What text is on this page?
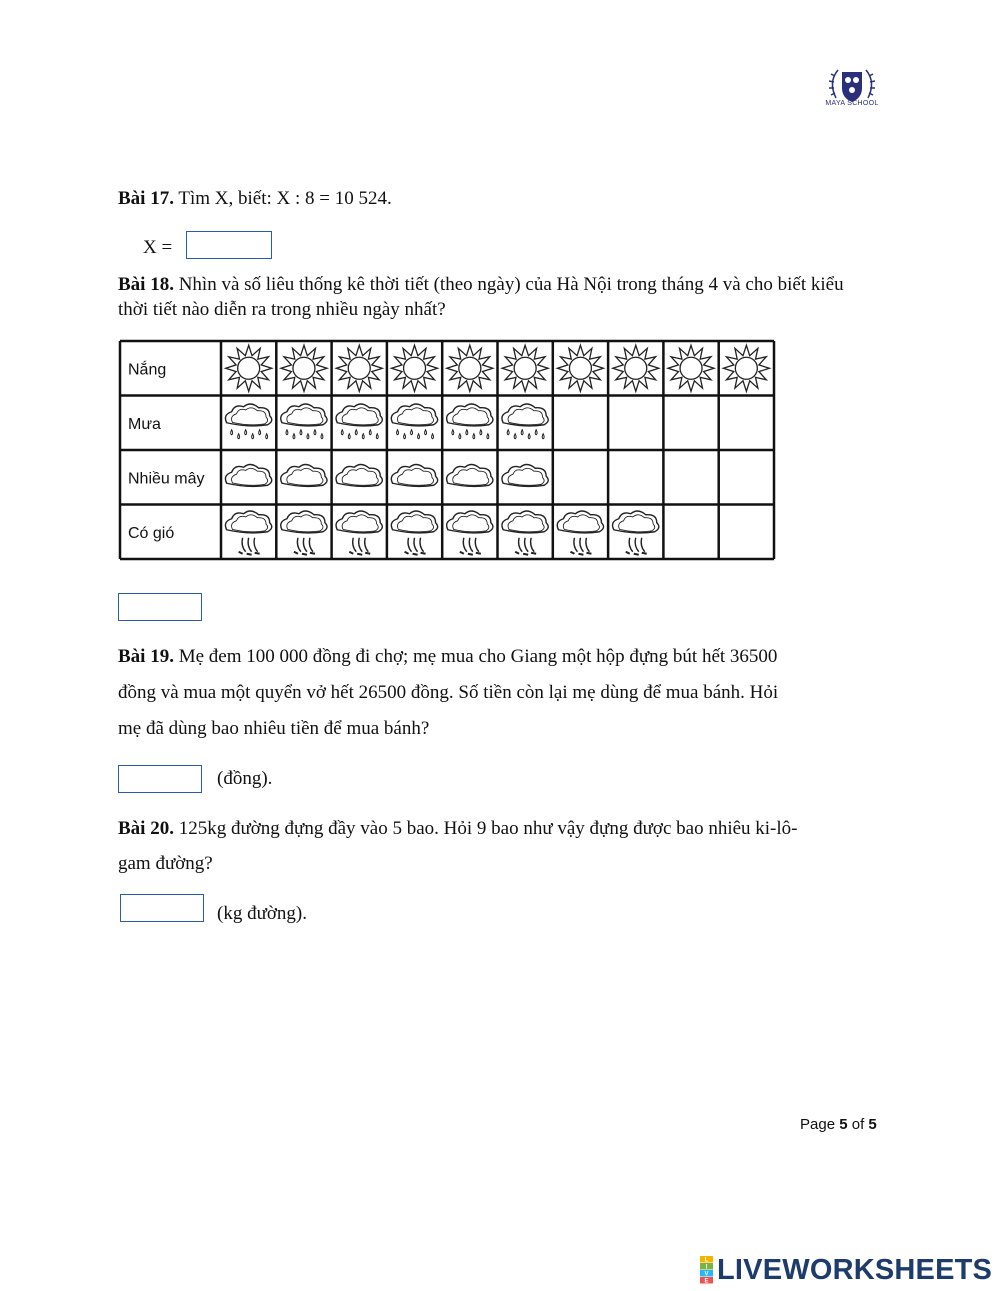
MAYA SCHOOL
Bài 17. Tìm X, biết: X : 8 = 10 524.
X =
Bài 18. Nhìn và số liêu thống kê thời tiết (theo ngày) của Hà Nội trong tháng 4 và cho biết kiểu
thời tiết nào diễn ra trong nhiều ngày nhất?
Nắng
Mưa
Nhiều mây
Có gió
Bài 19. Mẹ đem 100 000 đồng đi chợ; mẹ mua cho Giang một hộp đựng bút hết 36500
đồng và mua một quyển vở hết 26500 đồng. Số tiền còn lại mẹ dùng để mua bánh. Hỏi
mẹ đã dùng bao nhiêu tiền để mua bánh?
(đồng).
Bài 20. 125kg đường đựng đầy vào 5 bao. Hỏi 9 bao như vậy đựng được bao nhiêu ki-lô-
gam đường?
(kg đường).
Page 5 of 5
L
I
V
E LIVEWORKSHEETS
